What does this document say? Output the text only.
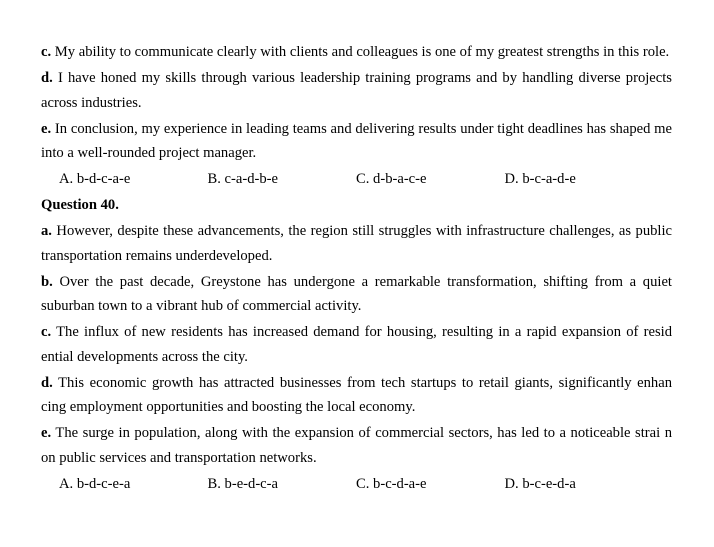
c. My ability to communicate clearly with clients and colleagues is one of my greatest strengths in this role.
d. I have honed my skills through various leadership training programs and by handling diverse projects across industries.
e. In conclusion, my experience in leading teams and delivering results under tight deadlines has shaped me into a well-rounded project manager.
A. b-d-c-a-e	B. c-a-d-b-e	C. d-b-a-c-e	D. b-c-a-d-e
Question 40.
a. However, despite these advancements, the region still struggles with infrastructure challenges, as public transportation remains underdeveloped.
b. Over the past decade, Greystone has undergone a remarkable transformation, shifting from a quiet suburban town to a vibrant hub of commercial activity.
c. The influx of new residents has increased demand for housing, resulting in a rapid expansion of resid ential developments across the city.
d. This economic growth has attracted businesses from tech startups to retail giants, significantly enhan cing employment opportunities and boosting the local economy.
e. The surge in population, along with the expansion of commercial sectors, has led to a noticeable strai n on public services and transportation networks.
A. b-d-c-e-a	B. b-e-d-c-a	C. b-c-d-a-e	D. b-c-e-d-a
